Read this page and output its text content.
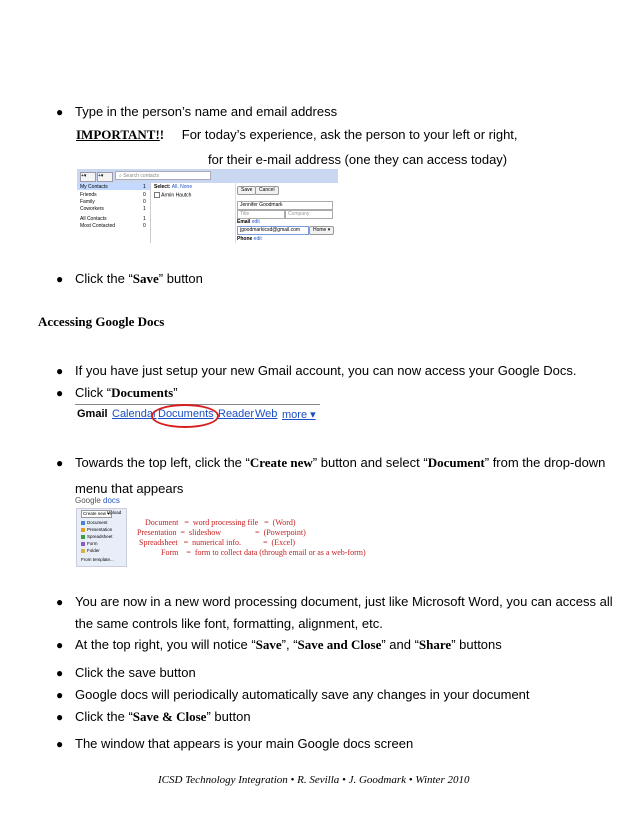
● Type in the person’s name and email address
IMPORTANT!! For today’s experience, ask the person to your left or right,
for their e-mail address (one they can access today)
+▾	+▾	⌕ Search contacts
My Contacts	1
Friends	0
Family	0
Coworkers	1
All Contacts	1
Most Contacted	0
Select: All, None
Armin Hautch
Save	Cancel
Jennifer Goodmark
Title	Company
Email edit
jgoodmarkicsd@gmail.com	Home ▾
Phone edit
● Click the “Save” button
Accessing Google Docs
● If you have just setup your new Gmail account, you can now access your Google Docs.
● Click “Documents”
Gmail Calendar Documents Reader Web more ▾
● Towards the top left, click the “Create new” button and select “Document” from the drop-down
menu that appears
Google docs
Create new ▾
Upload
Document
Presentation
Spreadsheet
Form
Folder
From template...
Document =  word processing file   =  (Word)
Presentation =  slideshow                 =  (Powerpoint)
Spreadsheet =  numerical info.           =  (Excel)
Form =  form to collect data (through email or as a web-form)
● You are now in a new word processing document, just like Microsoft Word, you can access all
the same controls like font, formatting, alignment, etc.
● At the top right, you will notice “Save”, “Save and Close” and “Share” buttons
● Click the save button
● Google docs will periodically automatically save any changes in your document
● Click the “Save & Close” button
● The window that appears is your main Google docs screen
ICSD Technology Integration • R. Sevilla • J. Goodmark • Winter 2010
